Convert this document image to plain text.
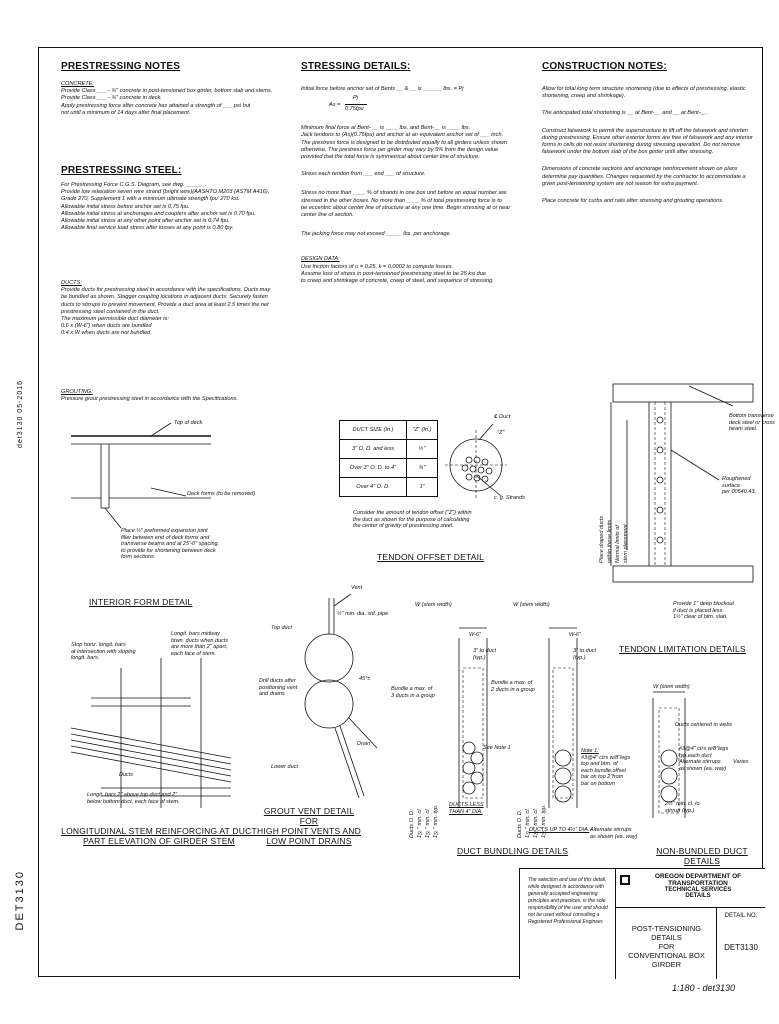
det3130 05-2016
DET3130
1:180 - det3130
PRESTRESSING NOTES
CONCRETE:
Provide Class ___ - ¾" concrete in post-tensioned box girder, bottom slab and stems.
Provide Class ___ - ¾" concrete in deck.
Apply prestressing force after concrete has attained a strength of ___ psi but
not until a minimum of 14 days after final placement.
PRESTRESSING STEEL:
For Prestressing Force C.G.S. Diagram, see dwg. ______.
Provide low relaxation seven wire strand (bright wire)(AASHTO M203 (ASTM A416),
Grade 270, Supplement 1 with a minimum ultimate strength fpu' 270 ksi.
Allowable initial stress before anchor set is 0.75 fpu.
Allowable initial stress at anchorages and couplers after anchor set is 0.70 fpu.
Allowable initial stress at any other point after anchor set is 0.74 fpu.
Allowable final service load stress after losses at any point is 0.80 fpy.
DUCTS:
Provide ducts for prestressing steel in accordance with the specifications. Ducts may
be bundled as shown. Stagger coupling locations in adjacent ducts. Securely fasten
ducts to stirrups to prevent movement. Provide a duct area at least 2.5 times the net
prestressing steel contained in the duct.
The maximum permissible duct diameter is:
0.6 x (W-6") when ducts are bundled
0.4 x W when ducts are not bundled.
GROUTING:
Pressure grout prestressing steel in accordance with the Specifications.
STRESSING DETAILS:
Initial force before anchor set of Bents __ & __ is ______ lbs. = Pj
As =
Pj
0.75fpu
Minimum final force at Bent- __ is ____ lbs. and Bent-__ is ____ lbs.
Jack tendons to (As)(0.75fpu) and anchor at an equivalent anchor set of ___ inch.
The prestress force is designed to be distributed equally to all girders unless shown
otherwise. The prestress force per girder may vary by 5% from the design value
provided that the total force is symmetrical about center line of structure.
Stress each tendon from ___ end ___ of structure.
Stress no more than ____ % of strands in one box unit before an equal number are
stressed in the other boxes. No more than ____ % of total prestressing force is to
be eccentric about center line of structure at any one time. Begin stressing at or near
center line of section.
The jacking force may not exceed _____ lbs. per anchorage.
DESIGN DATA:
Use friction factors of u = 0.25, k = 0.0002 to compute losses.
Assume loss of stress in post-tensioned prestressing steel to be 25 ksi due
to creep and shrinkage of concrete, creep of steel, and sequence of stressing.
CONSTRUCTION NOTES:
Allow for total long term structure shortening (due to effects of prestressing, elastic shortening, creep and shrinkage).
The anticipated total shortening is __ at Bent-__ and __ at Bent-__.
Construct falsework to permit the superstructure to lift off the falsework and shorten during prestressing. Ensure other exterior forms are free of falsework and any interior forms in cells do not resist shortening during stressing operation. Do not remove falsework under the bottom slab of the box girder until after stressing.
Dimensions of concrete sections and anchorage reinforcement shown on plans determine pay quantities. Changes requested by the contractor to accommodate a given post-tensioning system are not reason for extra payment.
Place concrete for curbs and rails after stressing and grouting operations.
Top of deck
Deck forms (to be removed)
Place ½" preformed expansion joint
filler between end of deck forms and
transverse beams and at 25'-0" spacing,
to provide for shortening between deck
form sections.
INTERIOR FORM DETAIL
DUCT SIZE (In.)	"Z" (In.)
3" O. D. and less	½"
Over 3" O. D. to 4"	¾"
Over 4" O. D.	1"
℄ Duct
"Z"
c. g. Strands
Consider the amount of tendon offset ("Z") within
the duct as shown for the purpose of calculating
the center of gravity of prestressing steel.
TENDON OFFSET DETAIL
Bottom transverse
deck steel or cross
beam steel.
Roughened surface
per 00540.43.
Place draped ducts within these limits Normal limits of stem placement
Provide 1" deep blockout
if duct is placed less
1½" clear of btm. slab.
TENDON LIMITATION DETAILS
Stop horiz. longit. bars
at intersection with sloping
longit. bars.
Longit. bars midway
btwn. ducts when ducts
are more than 2" apart,
each face of stem.
Ducts
Longit. bars 2" above top duct and 2"
below bottom duct, each face of stem.
LONGITUDINAL STEM REINFORCING AT DUCT
PART ELEVATION OF GIRDER STEM
Vent
½" min. dia. std. pipe
Top duct
Drill ducts after
positioning vent
and drains
45°±
Drain
Lower duct
GROUT VENT DETAIL FOR
HIGH POINT VENTS AND
LOW POINT DRAINS
W (stem width)	W (stem width)
W-6"	W-6"
3" to duct
(typ.)
3" to duct
(typ.)
Bundle a max. of
3 ducts in a group
Bundle a max. of
2 ducts in a group
See Note 1	Note 1:
#3@4" ctrs w/8"legs
top and btm. of
each bundle,offset
bar on top 2"from
bar on bottom
DUCTS LESS
THAN 4" DIA.
DUCTS UP TO 4½" DIA. Alternate stirrups
as shown (ea. way)
Ducts O. D. 1½" min. cl. 1½" min. cl. 1½" min. typ.	Ducts O. D. 1½" min. cl. 1½" min. cl. 1½" min. typ.
DUCT BUNDLING DETAILS
W (stem width)
Ducts centered in webs
#3@4" ctrs w/8"legs
typ.each duct
Alternate stirrups
as shown (ea. way)
Varies
2½" min. cl. to
stirrup (typ.)
NON-BUNDLED DUCT DETAILS
The selection and use of this detail,
while designed in accordance with
generally accepted engineering
principles and practices, is the sole
responsibility of the user and should
not be used without consulting a
Registered Professional Engineer.
OREGON DEPARTMENT OF TRANSPORTATION
TECHNICAL SERVICES
DETAILS
POST-TENSIONING DETAILS
FOR
CONVENTIONAL BOX GIRDER
DETAIL NO.
DET3130
